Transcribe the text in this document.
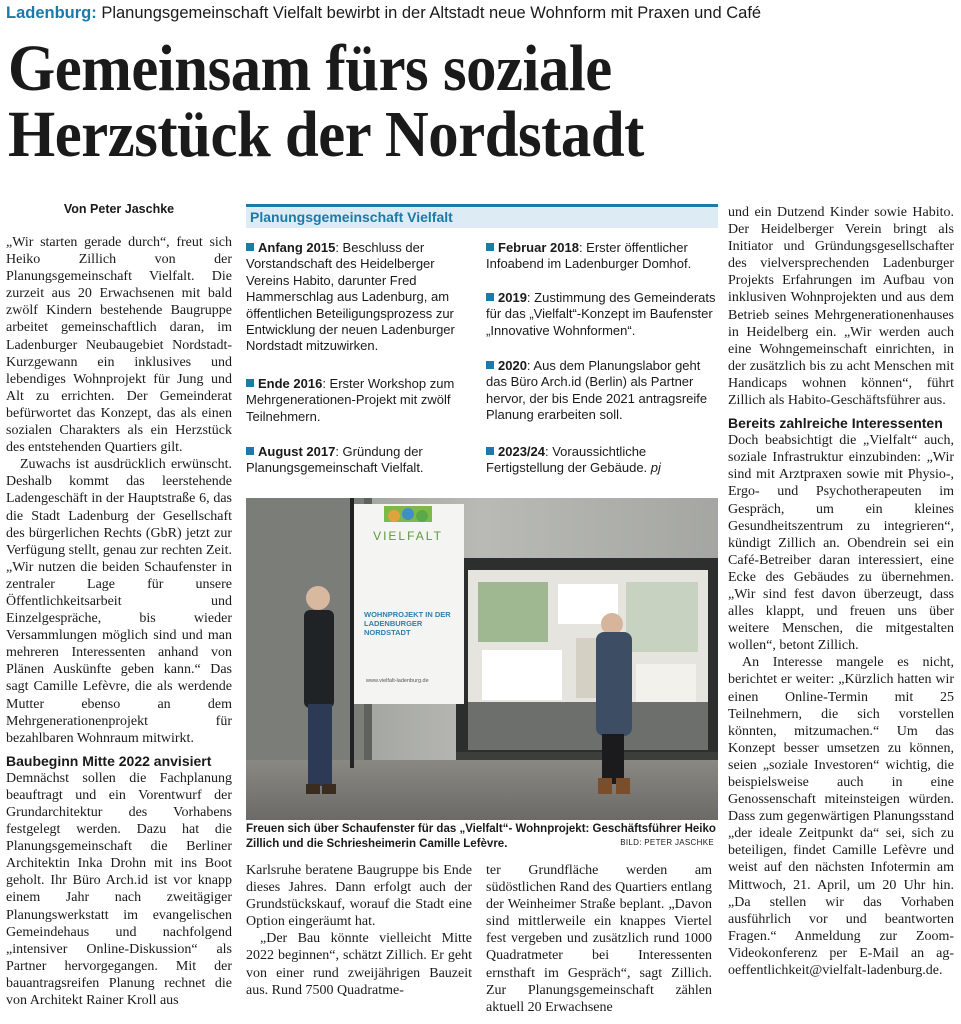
Ladenburg: Planungsgemeinschaft Vielfalt bewirbt in der Altstadt neue Wohnform mit Praxen und Café
Gemeinsam fürs soziale
Herzstück der Nordstadt
Von Peter Jaschke

„Wir starten gerade durch“, freut sich Heiko Zillich von der Planungsgemeinschaft Vielfalt. Die zurzeit aus 20 Erwachsenen mit bald zwölf Kindern bestehende Baugruppe arbeitet gemeinschaftlich daran, im Ladenburger Neubaugebiet Nordstadt-Kurzgewann ein inklusives und lebendiges Wohnprojekt für Jung und Alt zu errichten. Der Gemeinderat befürwortet das Konzept, das als einen sozialen Charakters als ein Herzstück des entstehenden Quartiers gilt.

Zuwachs ist ausdrücklich erwünscht. Deshalb kommt das leerstehende Ladengeschäft in der Hauptstraße 6, das die Stadt Ladenburg der Gesellschaft des bürgerlichen Rechts (GbR) jetzt zur Verfügung stellt, genau zur rechten Zeit. „Wir nutzen die beiden Schaufenster in zentraler Lage für unsere Öffentlichkeitsarbeit und Einzelgespräche, bis wieder Versammlungen möglich sind und man mehreren Interessenten anhand von Plänen Auskünfte geben kann.“ Das sagt Camille Lefèvre, die als werdende Mutter ebenso an dem Mehrgenerationenprojekt für bezahlbaren Wohnraum mitwirkt.

Baubeginn Mitte 2022 anvisiert

Demnächst sollen die Fachplanung beauftragt und ein Vorentwurf der Grundarchitektur des Vorhabens festgelegt werden. Dazu hat die Planungsgemeinschaft die Berliner Architektin Inka Drohn mit ins Boot geholt. Ihr Büro Arch.id ist vor knapp einem Jahr nach zweitägiger Planungswerkstatt im evangelischen Gemeindehaus und nachfolgend „intensiver Online-Diskussion“ als Partner hervorgegangen. Mit der bauantragsreifen Planung rechnet die von Architekt Rainer Kroll aus

Planungsgemeinschaft Vielfalt
Anfang 2015: Beschluss der Vorstandschaft des Heidelberger Vereins Habito, darunter Fred Hammerschlag aus Ladenburg, am öffentlichen Beteiligungsprozess zur Entwicklung der neuen Ladenburger Nordstadt mitzuwirken.
Ende 2016: Erster Workshop zum Mehrgenerationen-Projekt mit zwölf Teilnehmern.
August 2017: Gründung der Planungsgemeinschaft Vielfalt.
Februar 2018: Erster öffentlicher Infoabend im Ladenburger Domhof.
2019: Zustimmung des Gemeinderats für das „Vielfalt“-Konzept im Baufenster „Innovative Wohnformen“.
2020: Aus dem Planungslabor geht das Büro Arch.id (Berlin) als Partner hervor, der bis Ende 2021 antragsreife Planung erarbeiten soll.
2023/24: Voraussichtliche Fertigstellung der Gebäude. pj
VIELFALT
WOHNPROJEKT IN DER LADENBURGER NORDSTADT
www.vielfalt-ladenburg.de
Freuen sich über Schaufenster für das „Vielfalt“- Wohnprojekt: Geschäftsführer Heiko Zillich und die Schriesheimerin Camille Lefèvre.	BILD: PETER JASCHKE

Karlsruhe beratene Baugruppe bis Ende dieses Jahres. Dann erfolgt auch der Grundstückskauf, worauf die Stadt eine Option eingeräumt hat.

„Der Bau könnte vielleicht Mitte 2022 beginnen“, schätzt Zillich. Er geht von einer rund zweijährigen Bauzeit aus. Rund 7500 Quadratme-

ter Grundfläche werden am südöstlichen Rand des Quartiers entlang der Weinheimer Straße beplant. „Davon sind mittlerweile ein knappes Viertel fest vergeben und zusätzlich rund 1000 Quadratmeter bei Interessenten ernsthaft im Gespräch“, sagt Zillich. Zur Planungsgemeinschaft zählen aktuell 20 Erwachsene

und ein Dutzend Kinder sowie Habito. Der Heidelberger Verein bringt als Initiator und Gründungsgesellschafter des vielversprechenden Ladenburger Projekts Erfahrungen im Aufbau von inklusiven Wohnprojekten und aus dem Betrieb seines Mehrgenerationenhauses in Heidelberg ein. „Wir werden auch eine Wohngemeinschaft einrichten, in der zusätzlich bis zu acht Menschen mit Handicaps wohnen können“, führt Zillich als Habito-Geschäftsführer aus.

Bereits zahlreiche Interessenten

Doch beabsichtigt die „Vielfalt“ auch, soziale Infrastruktur einzubinden: „Wir sind mit Arztpraxen sowie mit Physio-, Ergo- und Psychotherapeuten im Gespräch, um ein kleines Gesundheitszentrum zu integrieren“, kündigt Zillich an. Obendrein sei ein Café-Betreiber daran interessiert, eine Ecke des Gebäudes zu übernehmen. „Wir sind fest davon überzeugt, dass alles klappt, und freuen uns über weitere Menschen, die mitgestalten wollen“, betont Zillich.

An Interesse mangele es nicht, berichtet er weiter: „Kürzlich hatten wir einen Online-Termin mit 25 Teilnehmern, die sich vorstellen könnten, mitzumachen.“ Um das Konzept besser umsetzen zu können, seien „soziale Investoren“ wichtig, die beispielsweise auch in eine Genossenschaft miteinsteigen würden. Dass zum gegenwärtigen Planungsstand „der ideale Zeitpunkt da“ sei, sich zu beteiligen, findet Camille Lefèvre und weist auf den nächsten Infotermin am Mittwoch, 21. April, um 20 Uhr hin. „Da stellen wir das Vorhaben ausführlich vor und beantworten Fragen.“ Anmeldung zur Zoom-Videokonferenz per E-Mail an ag-oeffentlichkeit@vielfalt-ladenburg.de.
